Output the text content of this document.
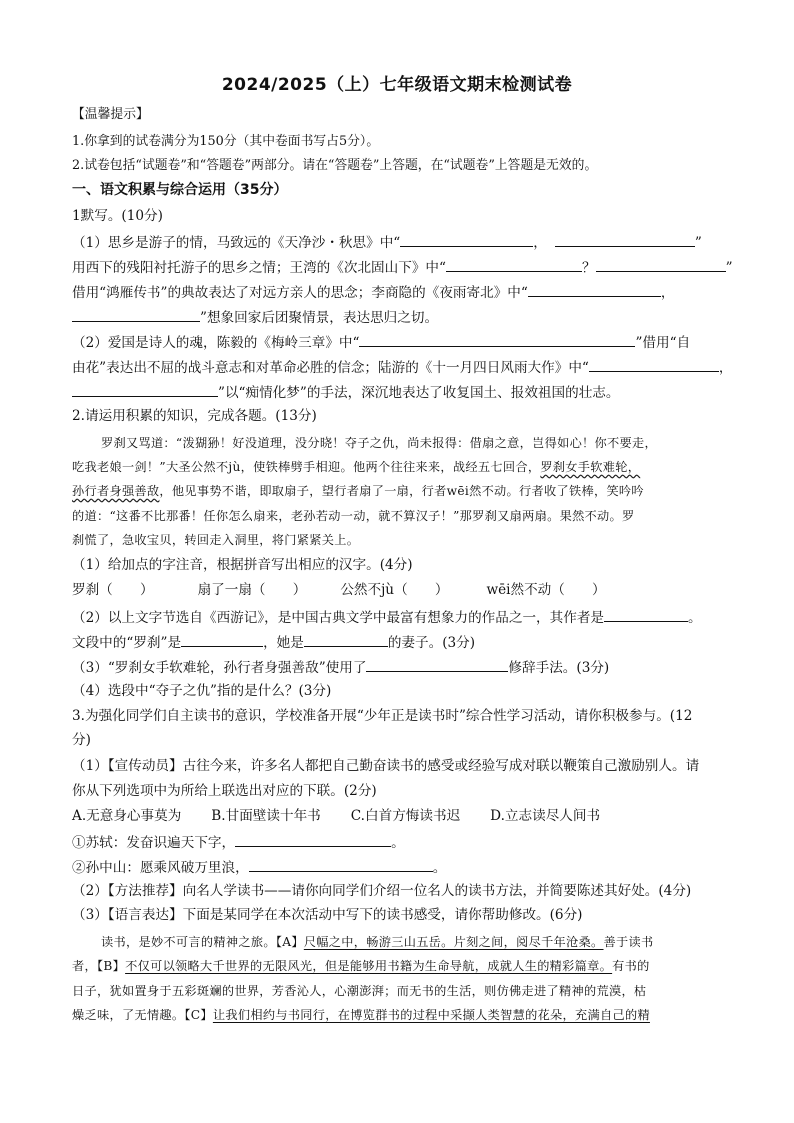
2024/2025（上）七年级语文期末检测试卷
【温馨提示】
1.你拿到的试卷满分为150分（其中卷面书写占5分）。
2.试卷包括“试题卷”和“答题卷”两部分。请在“答题卷”上答题，在“试题卷”上答题是无效的。
一、语文积累与综合运用（35分）
1默写。(10分)
（1）思乡是游子的情，马致远的《天净沙・秋思》中“	，	”
用西下的残阳衬托游子的思乡之情；王湾的《次北固山下》中“	？	”
借用“鸿雁传书”的典故表达了对远方亲人的思念；李商隐的《夜雨寄北》中“	，
”想象回家后团聚情景，表达思归之切。
（2）爱国是诗人的魂，陈毅的《梅岭三章》中“	”借用“自
由花”表达出不屈的战斗意志和对革命必胜的信念；陆游的《十一月四日风雨大作》中“	，
”以“痴情化梦”的手法，深沉地表达了收复国土、报效祖国的壮志。
2.请运用积累的知识，完成各题。(13分)
罗刹又骂道：“泼猢狲！好没道理，没分晓！夺子之仇，尚未报得：借扇之意，岂得如心！你不要走，
吃我老娘一剑！”大圣公然不jù，使铁棒劈手相迎。他两个往往来来，战经五七回合，罗刹女手软难轮，
孙行者身强善敌，他见事势不谐，即取扇子，望行者扇了一扇，行者wēi然不动。行者收了铁棒，笑吟吟
的道：“这番不比那番！任你怎么扇来，老孙若动一动，就不算汉子！”那罗刹又扇两扇。果然不动。罗
刹慌了，急收宝贝，转回走入洞里，将门紧紧关上。
（1）给加点的字注音，根据拼音写出相应的汉字。(4分)
罗刹（　　）	扇了一扇（　　）	公然不jù（　　）	wēi然不动（　　）
（2）以上文字节选自《西游记》，是中国古典文学中最富有想象力的作品之一，其作者是	。
文段中的“罗刹”是	，她是	的妻子。(3分)
（3）“罗刹女手软难轮，孙行者身强善敌”使用了	修辞手法。(3分)
（4）选段中“夺子之仇”指的是什么？(3分)
3.为强化同学们自主读书的意识，学校准备开展“少年正是读书时”综合性学习活动，请你积极参与。(12
分)
（1）【宣传动员】古往今来，许多名人都把自己勤奋读书的感受或经验写成对联以鞭策自己激励别人。请
你从下列选项中为所给上联选出对应的下联。(2分)
A.无意身心事莫为 B.甘面壁读十年书 C.白首方悔读书迟 D.立志读尽人间书
①苏轼：发奋识遍天下字，	。
②孙中山：愿乘风破万里浪，	。
（2）【方法推荐】向名人学读书——请你向同学们介绍一位名人的读书方法，并简要陈述其好处。(4分)
（3）【语言表达】下面是某同学在本次活动中写下的读书感受，请你帮助修改。(6分)
读书，是妙不可言的精神之旅。【A】尺幅之中，畅游三山五岳。片刻之间，阅尽千年沧桑。善于读书
者，【B】不仅可以领略大千世界的无限风光，但是能够用书籍为生命导航，成就人生的精彩篇章。有书的
日子，犹如置身于五彩斑斓的世界，芳香沁人，心潮澎湃；而无书的生活，则仿佛走进了精神的荒漠，枯
燥乏味，了无情趣。【C】让我们相约与书同行，在博览群书的过程中采撷人类智慧的花朵，充满自己的精
